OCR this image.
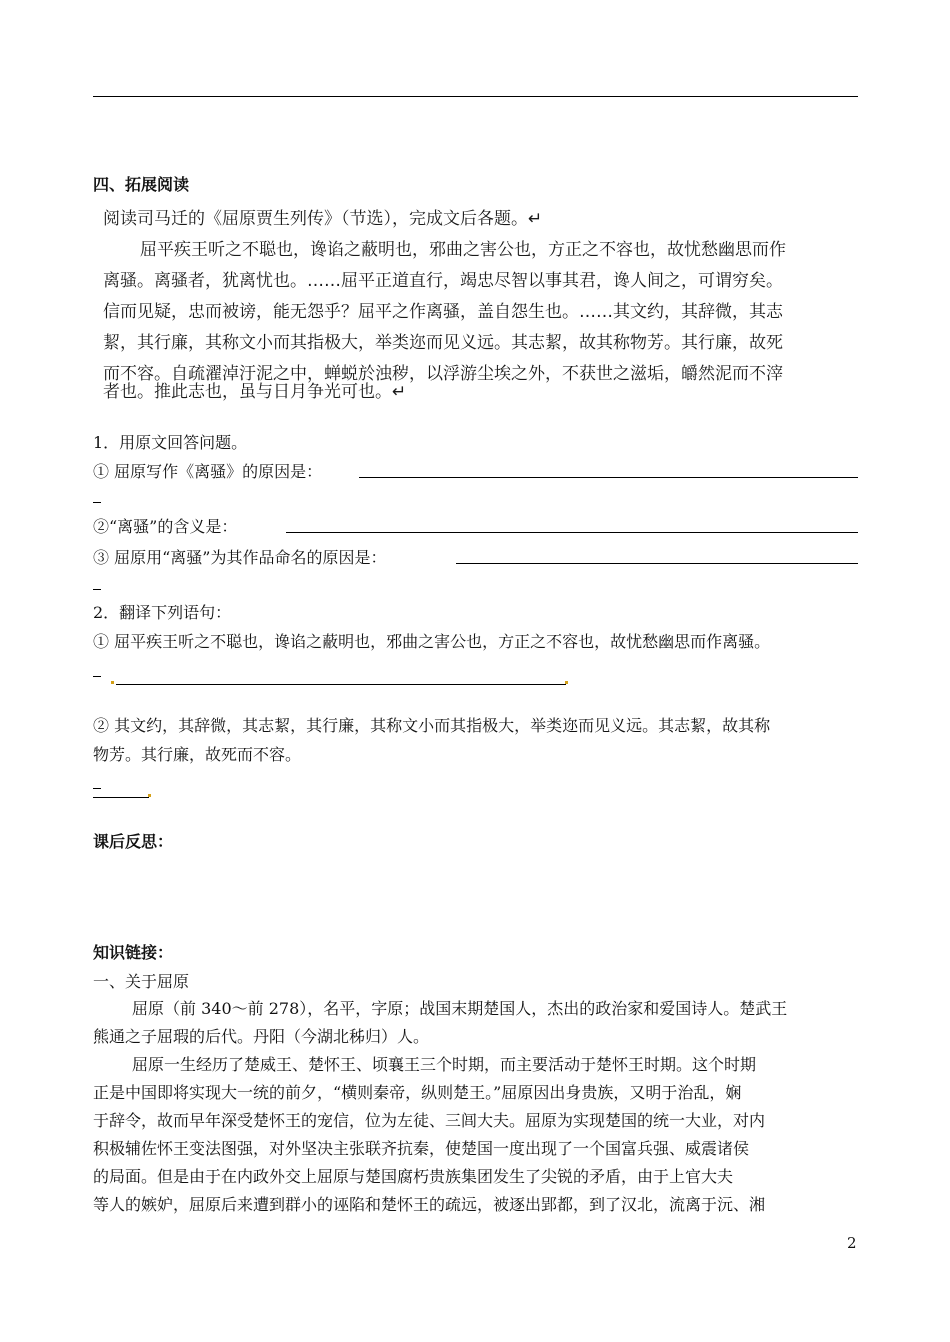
四、拓展阅读
阅读司马迁的《屈原贾生列传》（节选），完成文后各题。↵
屈平疾王听之不聪也，谗谄之蔽明也，邪曲之害公也，方正之不容也，故忧愁幽思而作
离骚。离骚者，犹离忧也。……屈平正道直行，竭忠尽智以事其君，谗人间之，可谓穷矣。
信而见疑，忠而被谤，能无怨乎？屈平之作离骚，盖自怨生也。……其文约，其辞微，其志
絜，其行廉，其称文小而其指极大，举类迩而见义远。其志絜，故其称物芳。其行廉，故死
而不容。自疏濯淖汙泥之中，蝉蜕於浊秽，以浮游尘埃之外，不获世之滋垢，皭然泥而不滓
者也。推此志也，虽与日月争光可也。↵
1．用原文回答问题。
① 屈原写作《离骚》的原因是：
②“离骚”的含义是：
③ 屈原用“离骚”为其作品命名的原因是：
2．翻译下列语句：
① 屈平疾王听之不聪也，谗谄之蔽明也，邪曲之害公也，方正之不容也，故忧愁幽思而作离骚。
② 其文约，其辞微，其志絜，其行廉，其称文小而其指极大，举类迩而见义远。其志絜，故其称
物芳。其行廉，故死而不容。
课后反思：
知识链接：
一、关于屈原
屈原（前 340～前 278），名平，字原；战国末期楚国人，杰出的政治家和爱国诗人。楚武王
熊通之子屈瑕的后代。丹阳（今湖北秭归）人。
屈原一生经历了楚威王、楚怀王、顷襄王三个时期，而主要活动于楚怀王时期。这个时期
正是中国即将实现大一统的前夕，“横则秦帝，纵则楚王。”屈原因出身贵族，又明于治乱，娴
于辞令，故而早年深受楚怀王的宠信，位为左徒、三闾大夫。屈原为实现楚国的统一大业，对内
积极辅佐怀王变法图强，对外坚决主张联齐抗秦，使楚国一度出现了一个国富兵强、威震诸侯
的局面。但是由于在内政外交上屈原与楚国腐朽贵族集团发生了尖锐的矛盾，由于上官大夫
等人的嫉妒，屈原后来遭到群小的诬陷和楚怀王的疏远，被逐出郢都，到了汉北，流离于沅、湘
2
